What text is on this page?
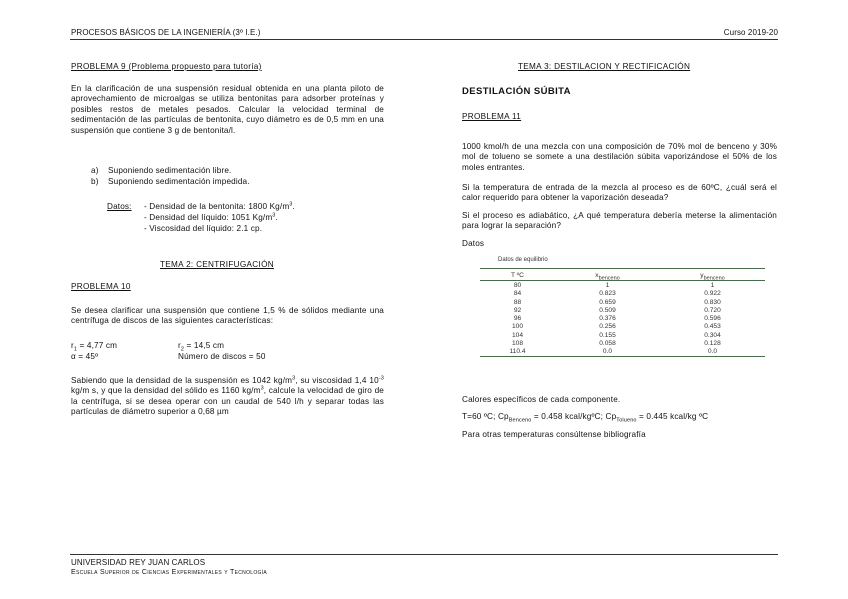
PROCESOS BÁSICOS DE LA INGENIERÍA (3º I.E.)	Curso 2019-20
PROBLEMA 9 (Problema propuesto para tutoría)
En la clarificación de una suspensión residual obtenida en una planta piloto de aprovechamiento de microalgas se utiliza bentonitas para adsorber proteínas y posibles restos de metales pesados. Calcular la velocidad terminal de sedimentación de las partículas de bentonita, cuyo diámetro es de 0,5 mm en una suspensión que contiene 3 g de bentonita/l.
a) Suponiendo sedimentación libre.
b) Suponiendo sedimentación impedida.
Datos: - Densidad de la bentonita: 1800 $Kg/m^3$.
- Densidad del líquido: 1051 $Kg/m^3$.
- Viscosidad del líquido: 2.1 cp.
TEMA 2: CENTRIFUGACIÓN
PROBLEMA 10
Se desea clarificar una suspensión que contiene 1,5 % de sólidos mediante una centrífuga de discos de las siguientes características:
$r_1 = 4,77$ cm	$r_2 = 14,5$ cm
α = 45º	Número de discos = 50
Sabiendo que la densidad de la suspensión es 1042 $kg/m^3$, su viscosidad 1,4 $10^{-3}$ kg/m s, y que la densidad del sólido es 1160 $kg/m^3$, calcule la velocidad de giro de la centrífuga, si se desea operar con un caudal de 540 l/h y separar todas las partículas de diámetro superior a 0,68 µm
TEMA 3: DESTILACION Y RECTIFICACIÓN
DESTILACIÓN SÚBITA
PROBLEMA 11
1000 kmol/h de una mezcla con una composición de 70% mol de benceno y 30% mol de tolueno se somete a una destilación súbita vaporizándose el 50% de los moles entrantes.
Si la temperatura de entrada de la mezcla al proceso es de 60ºC, ¿cuál será el calor requerido para obtener la vaporización deseada?
Si el proceso es adiabático, ¿A qué temperatura debería meterse la alimentación para lograr la separación?
Datos
Datos de equilibrio
T ºC	$x_{benceno}$	$y_{benceno}$
80	1	1
84	0.823	0.922
88	0.659	0.830
92	0.509	0.720
96	0.376	0.596
100	0.256	0.453
104	0.155	0.304
108	0.058	0.128
110.4	0.0	0.0
Calores específicos de cada componente.
T=60 ºC; $Cp_{Benceno} = 0.458$ kcal/kgºC; $Cp_{Tolueno} = 0.445$ kcal/kg ºC
Para otras temperaturas consúltense bibliografía
UNIVERSIDAD REY JUAN CARLOS
Escuela Superior de Ciencias Experimentales y Tecnología
